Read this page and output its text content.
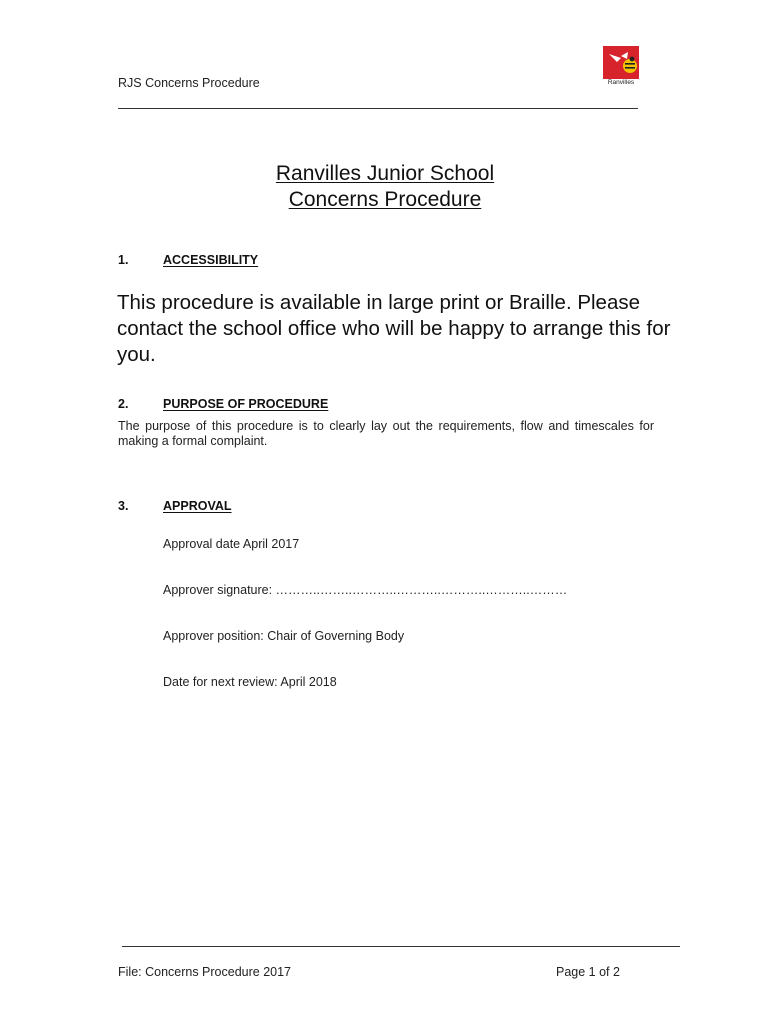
RJS Concerns Procedure	Ranvilles
Ranvilles Junior School
Concerns Procedure
1.	ACCESSIBILITY
This procedure is available in large print or Braille. Please contact the school office who will be happy to arrange this for you.
2.	PURPOSE OF PROCEDURE
The purpose of this procedure is to clearly lay out the requirements, flow and timescales for making a formal complaint.
3.	APPROVAL
Approval date April 2017
Approver signature: ………..……..………..………..………..………..………
Approver position: Chair of Governing Body
Date for next review: April 2018
File: Concerns Procedure 2017	Page 1 of 2
